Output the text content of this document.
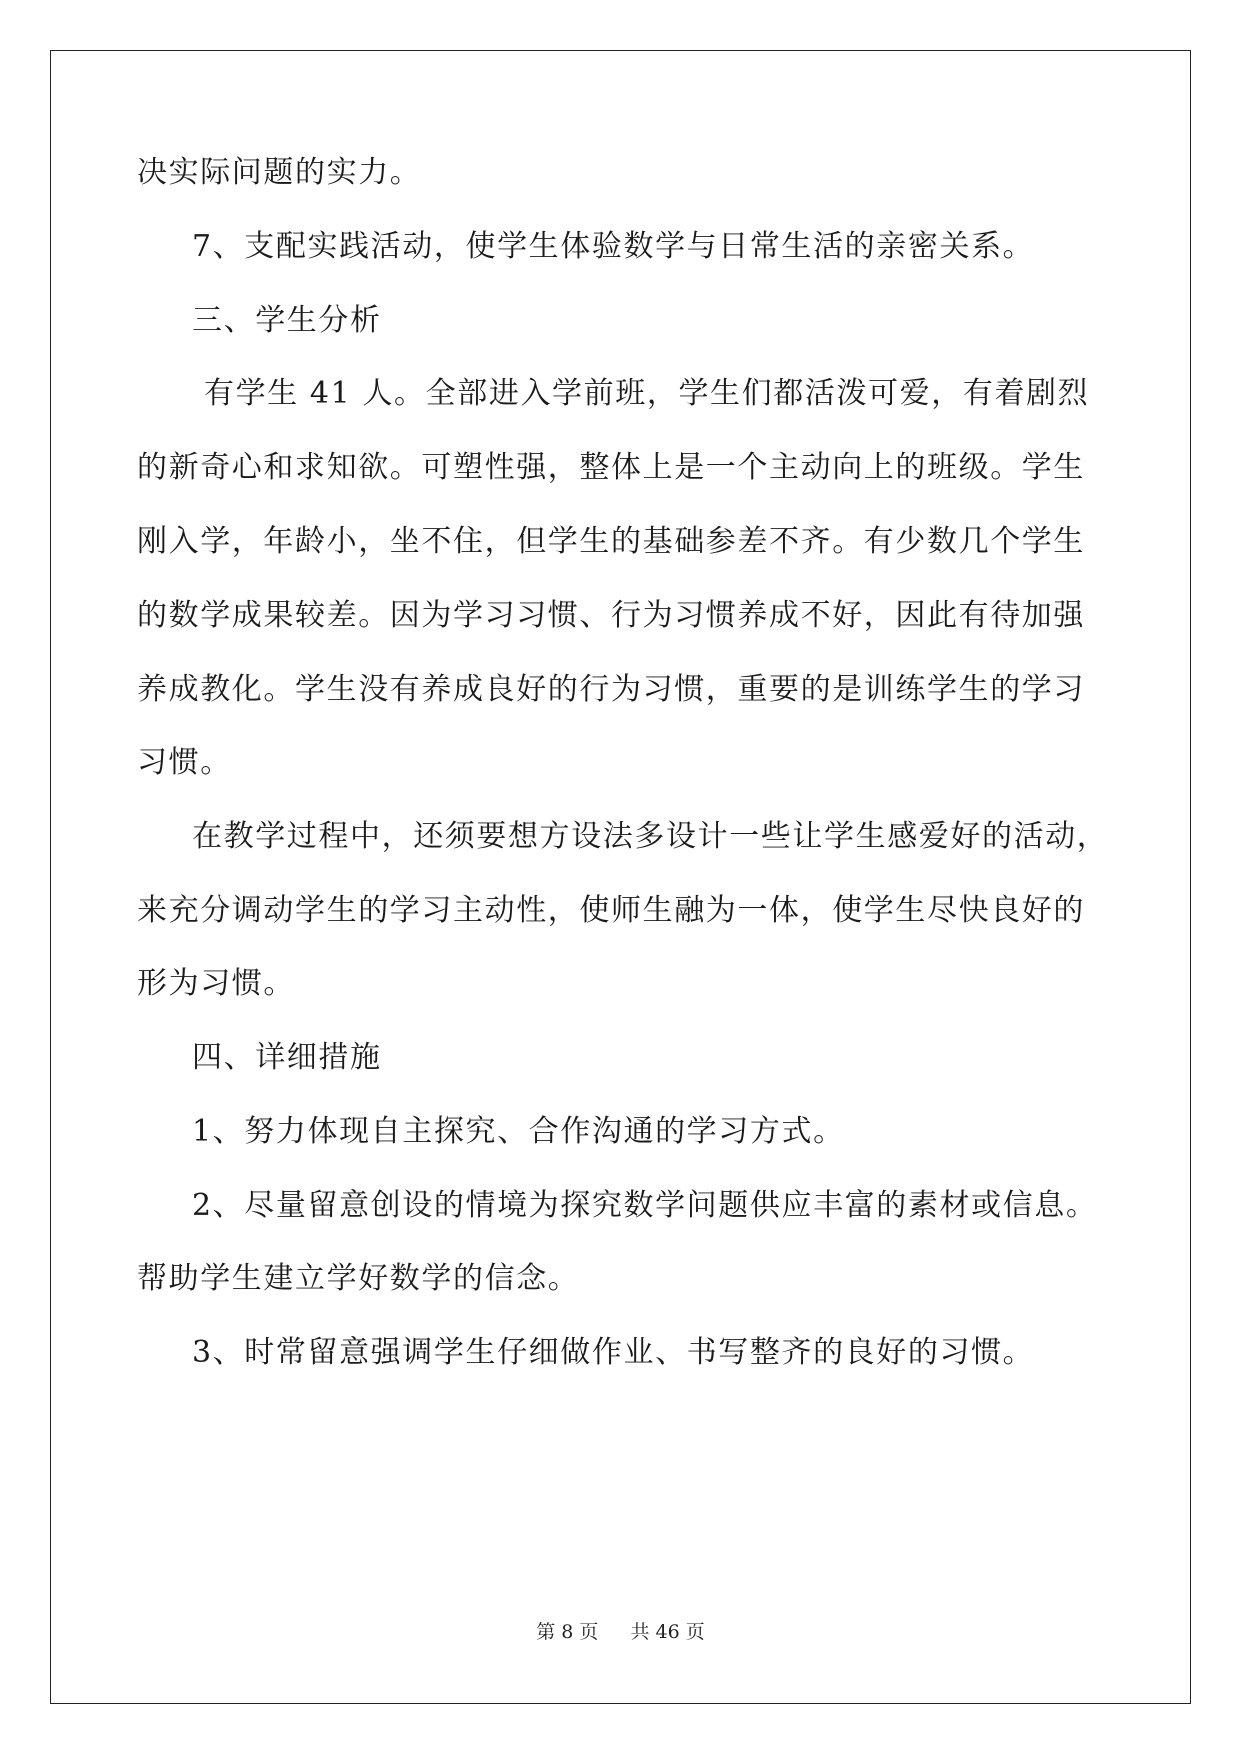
决实际问题的实力。
7、支配实践活动，使学生体验数学与日常生活的亲密关系。
三、学生分析
有学生 41 人。全部进入学前班，学生们都活泼可爱，有着剧烈
的新奇心和求知欲。可塑性强，整体上是一个主动向上的班级。学生
刚入学，年龄小，坐不住，但学生的基础参差不齐。有少数几个学生
的数学成果较差。因为学习习惯、行为习惯养成不好，因此有待加强
养成教化。学生没有养成良好的行为习惯，重要的是训练学生的学习
习惯。
在教学过程中，还须要想方设法多设计一些让学生感爱好的活动，
来充分调动学生的学习主动性，使师生融为一体，使学生尽快良好的
形为习惯。
四、详细措施
1、努力体现自主探究、合作沟通的学习方式。
2、尽量留意创设的情境为探究数学问题供应丰富的素材或信息。
帮助学生建立学好数学的信念。
3、时常留意强调学生仔细做作业、书写整齐的良好的习惯。
第 8 页 共 46 页
